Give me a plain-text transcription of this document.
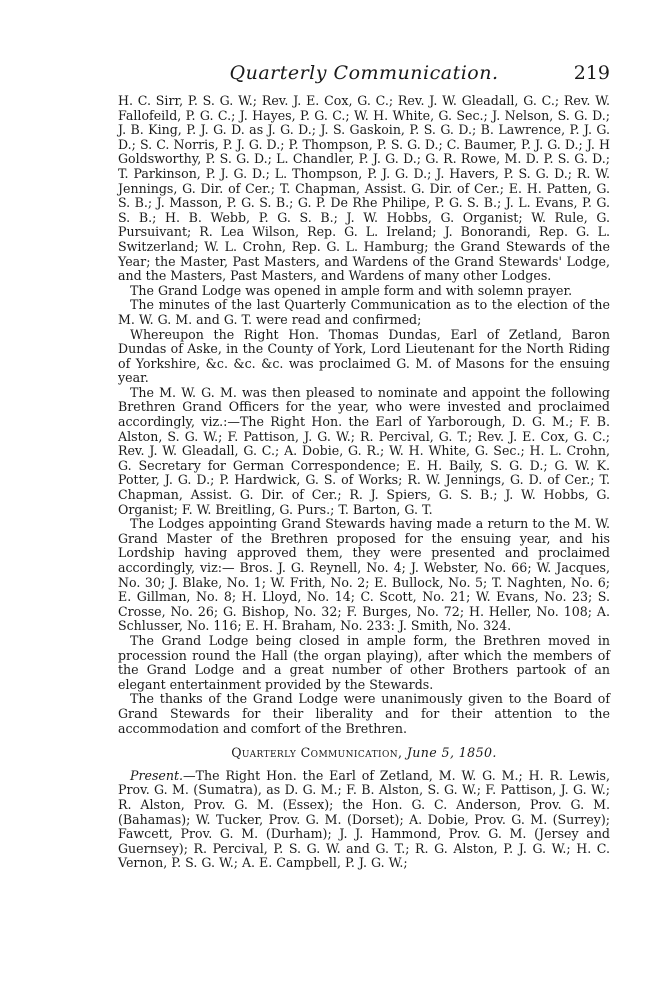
Quarterly Communication.	219

H. C. Sirr, P. S. G. W.; Rev. J. E. Cox, G. C.; Rev. J. W. Gleadall, G. C.; Rev. W. Fallofeild, P. G. C.; J. Hayes, P. G. C.; W. H. White, G. Sec.; J. Nelson, S. G. D.; J. B. King, P. J. G. D. as J. G. D.; J. S. Gaskoin, P. S. G. D.; B. Lawrence, P. J. G. D.; S. C. Norris, P. J. G. D.; P. Thompson, P. S. G. D.; C. Baumer, P. J. G. D.; J. H Goldsworthy, P. S. G. D.; L. Chandler, P. J. G. D.; G. R. Rowe, M. D. P. S. G. D.; T. Parkinson, P. J. G. D.; L. Thompson, P. J. G. D.; J. Havers, P. S. G. D.; R. W. Jennings, G. Dir. of Cer.; T. Chapman, Assist. G. Dir. of Cer.; E. H. Patten, G. S. B.; J. Masson, P. G. S. B.; G. P. De Rhe Philipe, P. G. S. B.; J. L. Evans, P. G. S. B.; H. B. Webb, P. G. S. B.; J. W. Hobbs, G. Organist; W. Rule, G. Pursuivant; R. Lea Wilson, Rep. G. L. Ireland; J. Bonorandi, Rep. G. L. Switzerland; W. L. Crohn, Rep. G. L. Hamburg; the Grand Stewards of the Year; the Master, Past Masters, and Wardens of the Grand Stewards' Lodge, and the Masters, Past Masters, and Wardens of many other Lodges.

The Grand Lodge was opened in ample form and with solemn prayer.

The minutes of the last Quarterly Communication as to the election of the M. W. G. M. and G. T. were read and confirmed;

Whereupon the Right Hon. Thomas Dundas, Earl of Zetland, Baron Dundas of Aske, in the County of York, Lord Lieutenant for the North Riding of Yorkshire, &c. &c. &c. was proclaimed G. M. of Masons for the ensuing year.

The M. W. G. M. was then pleased to nominate and appoint the following Brethren Grand Officers for the year, who were invested and proclaimed accordingly, viz.:—The Right Hon. the Earl of Yarborough, D. G. M.; F. B. Alston, S. G. W.; F. Pattison, J. G. W.; R. Percival, G. T.; Rev. J. E. Cox, G. C.; Rev. J. W. Gleadall, G. C.; A. Dobie, G. R.; W. H. White, G. Sec.; H. L. Crohn, G. Secretary for German Correspondence; E. H. Baily, S. G. D.; G. W. K. Potter, J. G. D.; P. Hardwick, G. S. of Works; R. W. Jennings, G. D. of Cer.; T. Chapman, Assist. G. Dir. of Cer.; R. J. Spiers, G. S. B.; J. W. Hobbs, G. Organist; F. W. Breitling, G. Purs.; T. Barton, G. T.

The Lodges appointing Grand Stewards having made a return to the M. W. Grand Master of the Brethren proposed for the ensuing year, and his Lordship having approved them, they were presented and proclaimed accordingly, viz:— Bros. J. G. Reynell, No. 4; J. Webster, No. 66; W. Jacques, No. 30; J. Blake, No. 1; W. Frith, No. 2; E. Bullock, No. 5; T. Naghten, No. 6; E. Gillman, No. 8; H. Lloyd, No. 14; C. Scott, No. 21; W. Evans, No. 23; S. Crosse, No. 26; G. Bishop, No. 32; F. Burges, No. 72; H. Heller, No. 108; A. Schlusser, No. 116; E. H. Braham, No. 233: J. Smith, No. 324.

The Grand Lodge being closed in ample form, the Brethren moved in procession round the Hall (the organ playing), after which the members of the Grand Lodge and a great number of other Brothers partook of an elegant entertainment provided by the Stewards.

The thanks of the Grand Lodge were unanimously given to the Board of Grand Stewards for their liberality and for their attention to the accommodation and comfort of the Brethren.

Quarterly Communication, June 5, 1850.

Present.—The Right Hon. the Earl of Zetland, M. W. G. M.; H. R. Lewis, Prov. G. M. (Sumatra), as D. G. M.; F. B. Alston, S. G. W.; F. Pattison, J. G. W.; R. Alston, Prov. G. M. (Essex); the Hon. G. C. Anderson, Prov. G. M. (Bahamas); W. Tucker, Prov. G. M. (Dorset); A. Dobie, Prov. G. M. (Surrey); Fawcett, Prov. G. M. (Durham); J. J. Hammond, Prov. G. M. (Jersey and Guernsey); R. Percival, P. S. G. W. and G. T.; R. G. Alston, P. J. G. W.; H. C. Vernon, P. S. G. W.; A. E. Campbell, P. J. G. W.;
